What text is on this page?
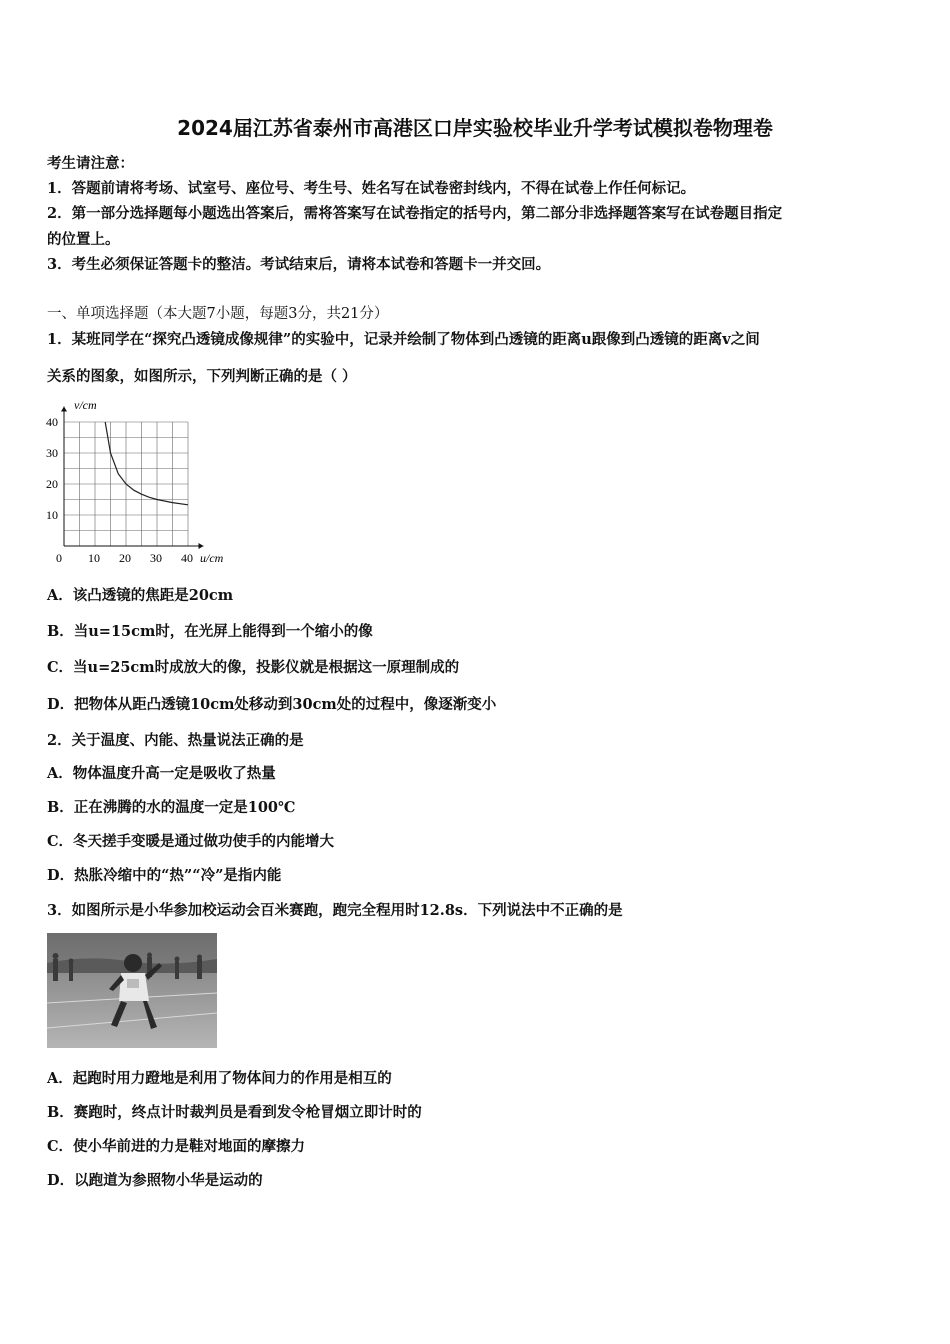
2024届江苏省泰州市高港区口岸实验校毕业升学考试模拟卷物理卷
考生请注意：
1．答题前请将考场、试室号、座位号、考生号、姓名写在试卷密封线内，不得在试卷上作任何标记。
2．第一部分选择题每小题选出答案后，需将答案写在试卷指定的括号内，第二部分非选择题答案写在试卷题目指定
的位置上。
3．考生必须保证答题卡的整洁。考试结束后，请将本试卷和答题卡一并交回。
一、单项选择题（本大题7小题，每题3分，共21分）
1．某班同学在“探究凸透镜成像规律”的实验中，记录并绘制了物体到凸透镜的距离u跟像到凸透镜的距离v之间
关系的图象，如图所示，下列判断正确的是（ ）
10 20 30 40
10
20
30
40
v/cm
u/cm
0
A．该凸透镜的焦距是20cm
B．当u=15cm时，在光屏上能得到一个缩小的像
C．当u=25cm时成放大的像，投影仪就是根据这一原理制成的
D．把物体从距凸透镜10cm处移动到30cm处的过程中，像逐渐变小
2．关于温度、内能、热量说法正确的是
A．物体温度升高一定是吸收了热量
B．正在沸腾的水的温度一定是100℃
C．冬天搓手变暖是通过做功使手的内能增大
D．热胀冷缩中的“热”“冷”是指内能
3．如图所示是小华参加校运动会百米赛跑，跑完全程用时12.8s．下列说法中不正确的是
A．起跑时用力蹬地是利用了物体间力的作用是相互的
B．赛跑时，终点计时裁判员是看到发令枪冒烟立即计时的
C．使小华前进的力是鞋对地面的摩擦力
D．以跑道为参照物小华是运动的
